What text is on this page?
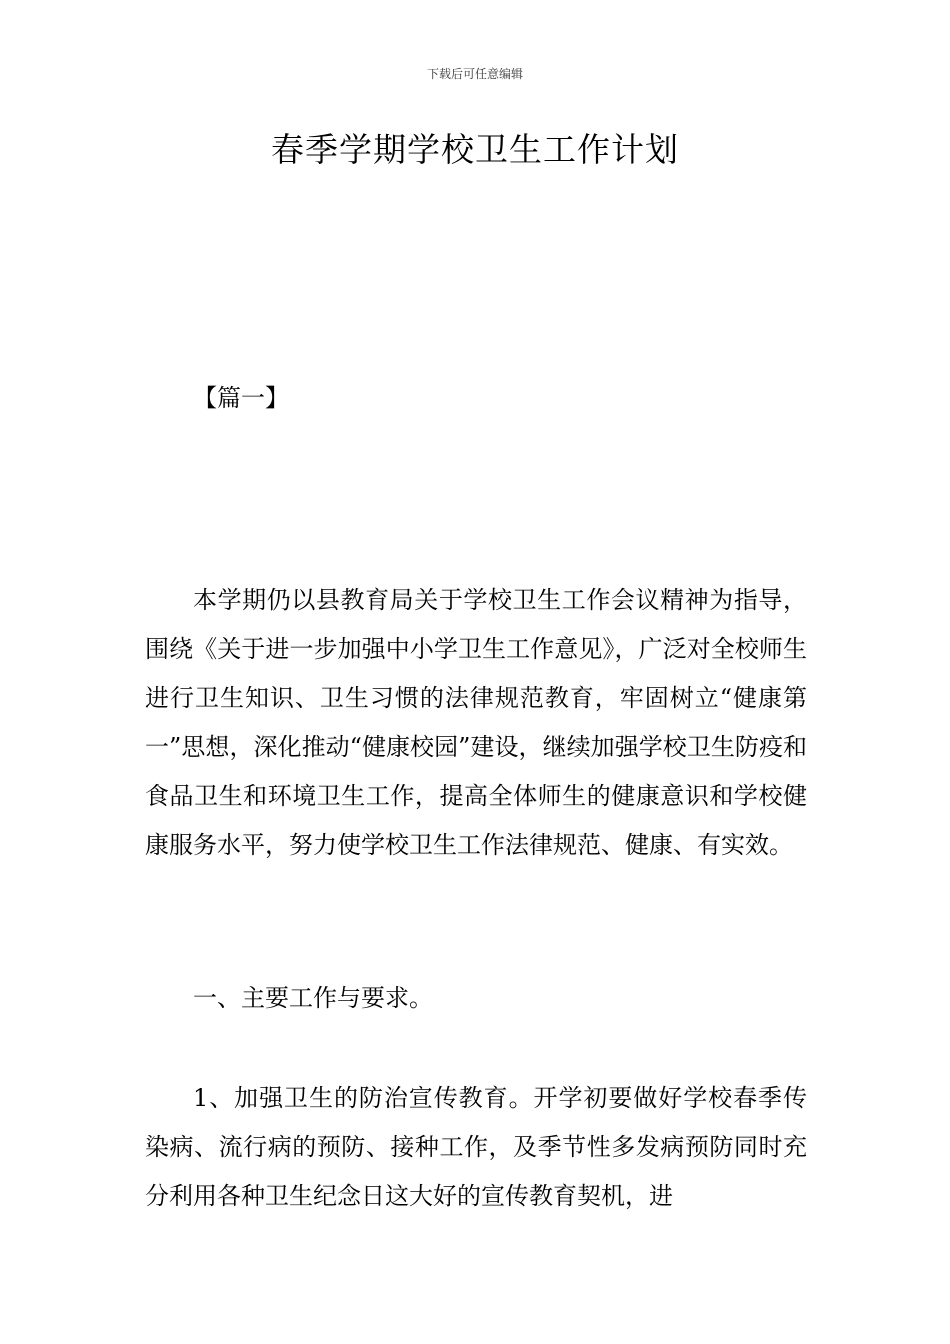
下载后可任意编辑
春季学期学校卫生工作计划

【篇一】

本学期仍以县教育局关于学校卫生工作会议精神为指导，围绕《关于进一步加强中小学卫生工作意见》，广泛对全校师生进行卫生知识、卫生习惯的法律规范教育，牢固树立“健康第一”思想，深化推动“健康校园”建设，继续加强学校卫生防疫和食品卫生和环境卫生工作，提高全体师生的健康意识和学校健康服务水平，努力使学校卫生工作法律规范、健康、有实效。

一、主要工作与要求。

1、加强卫生的防治宣传教育。开学初要做好学校春季传染病、流行病的预防、接种工作，及季节性多发病预防同时充分利用各种卫生纪念日这大好的宣传教育契机，进
